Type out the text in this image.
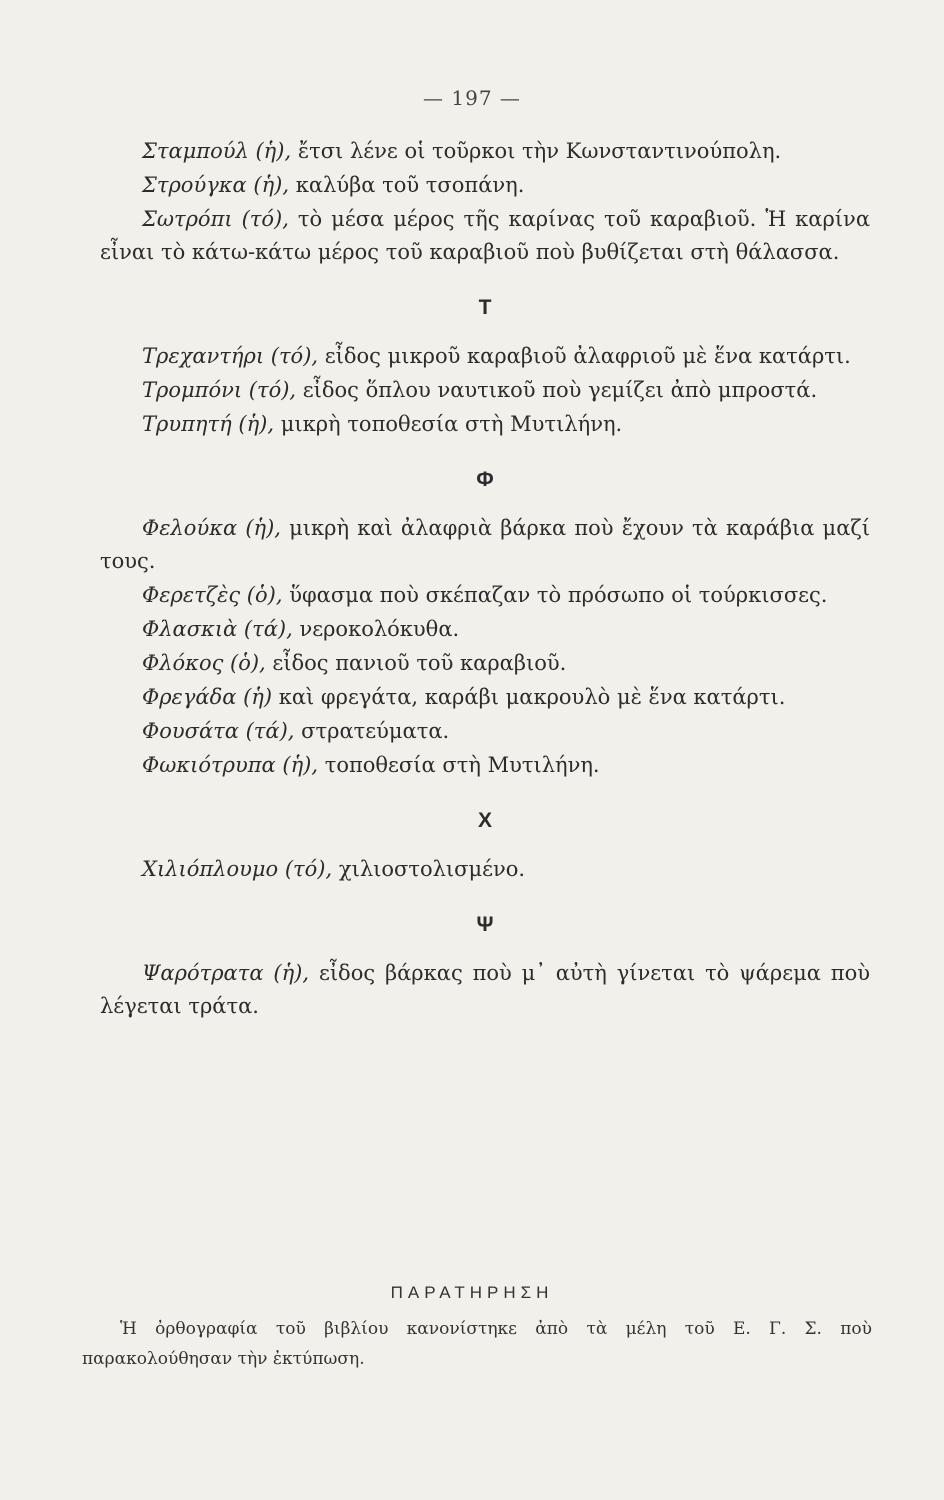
— 197 —

Σταμπούλ (ἡ), ἔτσι λένε οἱ τοῦρκοι τὴν Κωνσταντινούπολη.

Στρούγκα (ἡ), καλύβα τοῦ τσοπάνη.

Σωτρόπι (τό), τὸ μέσα μέρος τῆς καρίνας τοῦ καραβιοῦ. Ἡ καρίνα εἶναι τὸ κάτω-κάτω μέρος τοῦ καραβιοῦ ποὺ βυθίζεται στὴ θάλασσα.

Τ

Τρεχαντήρι (τό), εἶδος μικροῦ καραβιοῦ ἀλαφριοῦ μὲ ἕνα κατάρτι.

Τρομπόνι (τό), εἶδος ὅπλου ναυτικοῦ ποὺ γεμίζει ἀπὸ μπροστά.

Τρυπητή (ἡ), μικρὴ τοποθεσία στὴ Μυτιλήνη.

Φ

Φελούκα (ἡ), μικρὴ καὶ ἀλαφριὰ βάρκα ποὺ ἔχουν τὰ καράβια μαζί τους.

Φερετζὲς (ὁ), ὕφασμα ποὺ σκέπαζαν τὸ πρόσωπο οἱ τούρκισσες.

Φλασκιὰ (τά), νεροκολόκυθα.

Φλόκος (ὁ), εἶδος πανιοῦ τοῦ καραβιοῦ.

Φρεγάδα (ἡ) καὶ φρεγάτα, καράβι μακρουλὸ μὲ ἕνα κατάρτι.

Φουσάτα (τά), στρατεύματα.

Φωκιότρυπα (ἡ), τοποθεσία στὴ Μυτιλήνη.

Χ

Χιλιόπλουμο (τό), χιλιοστολισμένο.

Ψ

Ψαρότρατα (ἡ), εἶδος βάρκας ποὺ μ᾽ αὐτὴ γίνεται τὸ ψάρεμα ποὺ λέγεται τράτα.

ΠΑΡΑΤΗΡΗΣΗ
Ἡ ὀρθογραφία τοῦ βιβλίου κανονίστηκε ἀπὸ τὰ μέλη τοῦ Ε. Γ. Σ. ποὺ παρακολούθησαν τὴν ἐκτύπωση.
